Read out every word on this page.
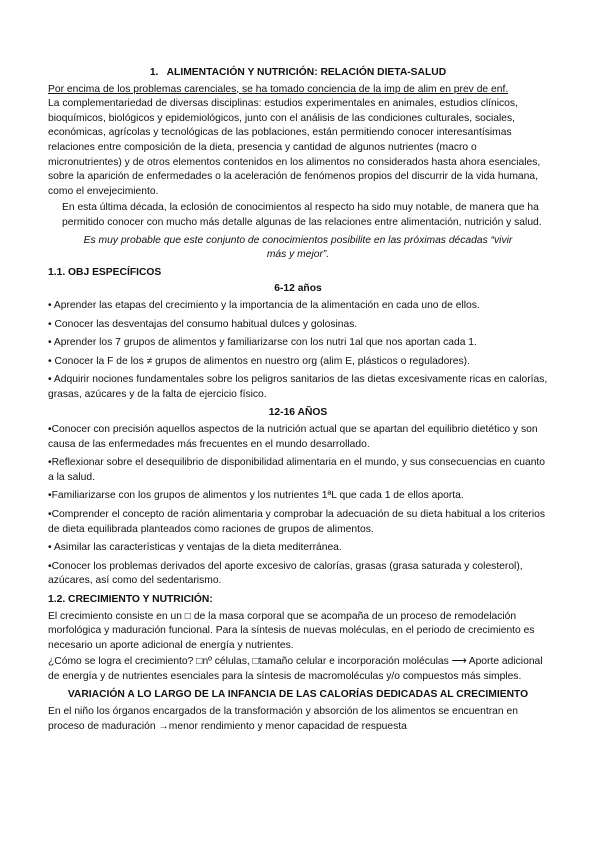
1.   ALIMENTACIÓN Y NUTRICIÓN: RELACIÓN DIETA-SALUD

Por encima de los problemas carenciales, se ha tomado conciencia de la imp de alim en prev de enf.

La complementariedad de diversas disciplinas: estudios experimentales en animales, estudios clínicos, bioquímicos, biológicos y epidemiológicos, junto con el análisis de las condiciones culturales, sociales, económicas, agrícolas y tecnológicas de las poblaciones, están permitiendo conocer interesantísimas relaciones entre composición de la dieta, presencia y cantidad de algunos nutrientes (macro o micronutrientes) y de otros elementos contenidos en los alimentos no considerados hasta ahora esenciales, sobre la aparición de enfermedades o la aceleración de fenómenos propios del discurrir de la vida humana, como el envejecimiento.

En esta última década, la eclosión de conocimientos al respecto ha sido muy notable, de manera que ha permitido conocer con mucho más detalle algunas de las relaciones entre alimentación, nutrición y salud.

Es muy probable que este conjunto de conocimientos posibilite en las próximas décadas “vivir más y mejor”.

1.1. OBJ ESPECÍFICOS
6-12 años

• Aprender las etapas del crecimiento y la importancia de la alimentación en cada uno de ellos.

• Conocer las desventajas del consumo habitual dulces y golosinas.

• Aprender los 7 grupos de alimentos y familiarizarse con los nutri 1al que nos aportan cada 1.

• Conocer la F de los ≠ grupos de alimentos en nuestro org (alim E, plásticos o reguladores).

• Adquirir nociones fundamentales sobre los peligros sanitarios de las dietas excesivamente ricas en calorías, grasas, azúcares y de la falta de ejercicio físico.

12-16 AÑOS

•Conocer con precisión aquellos aspectos de la nutrición actual que se apartan del equilibrio dietético y son causa de las enfermedades más frecuentes en el mundo desarrollado.

•Reflexionar sobre el desequilibrio de disponibilidad alimentaria en el mundo, y sus consecuencias en cuanto a la salud.

•Familiarizarse con los grupos de alimentos y los nutrientes 1ªL que cada 1 de ellos aporta.

•Comprender el concepto de ración alimentaria y comprobar la adecuación de su dieta habitual a los criterios de dieta equilibrada planteados como raciones de grupos de alimentos.

• Asimilar las características y ventajas de la dieta mediterránea.

•Conocer los problemas derivados del aporte excesivo de calorías, grasas (grasa saturada y colesterol), azúcares, así como del sedentarismo.

1.2. CRECIMIENTO Y NUTRICIÓN:

El crecimiento consiste en un □ de la masa corporal que se acompaña de un proceso de remodelación morfológica y maduración funcional. Para la síntesis de nuevas moléculas, en el periodo de crecimiento es necesario un aporte adicional de energía y nutrientes.

¿Cómo se logra el crecimiento? □nº células, □tamaño celular e incorporación moléculas ⟶ Aporte adicional de energía y de nutrientes esenciales para la síntesis de macromoléculas y/o compuestos más simples.

VARIACIÓN A LO LARGO DE LA INFANCIA DE LAS CALORÍAS DEDICADAS AL CRECIMIENTO

En el niño los órganos encargados de la transformación y absorción de los alimentos se encuentran en proceso de maduración →menor rendimiento y menor capacidad de respuesta
